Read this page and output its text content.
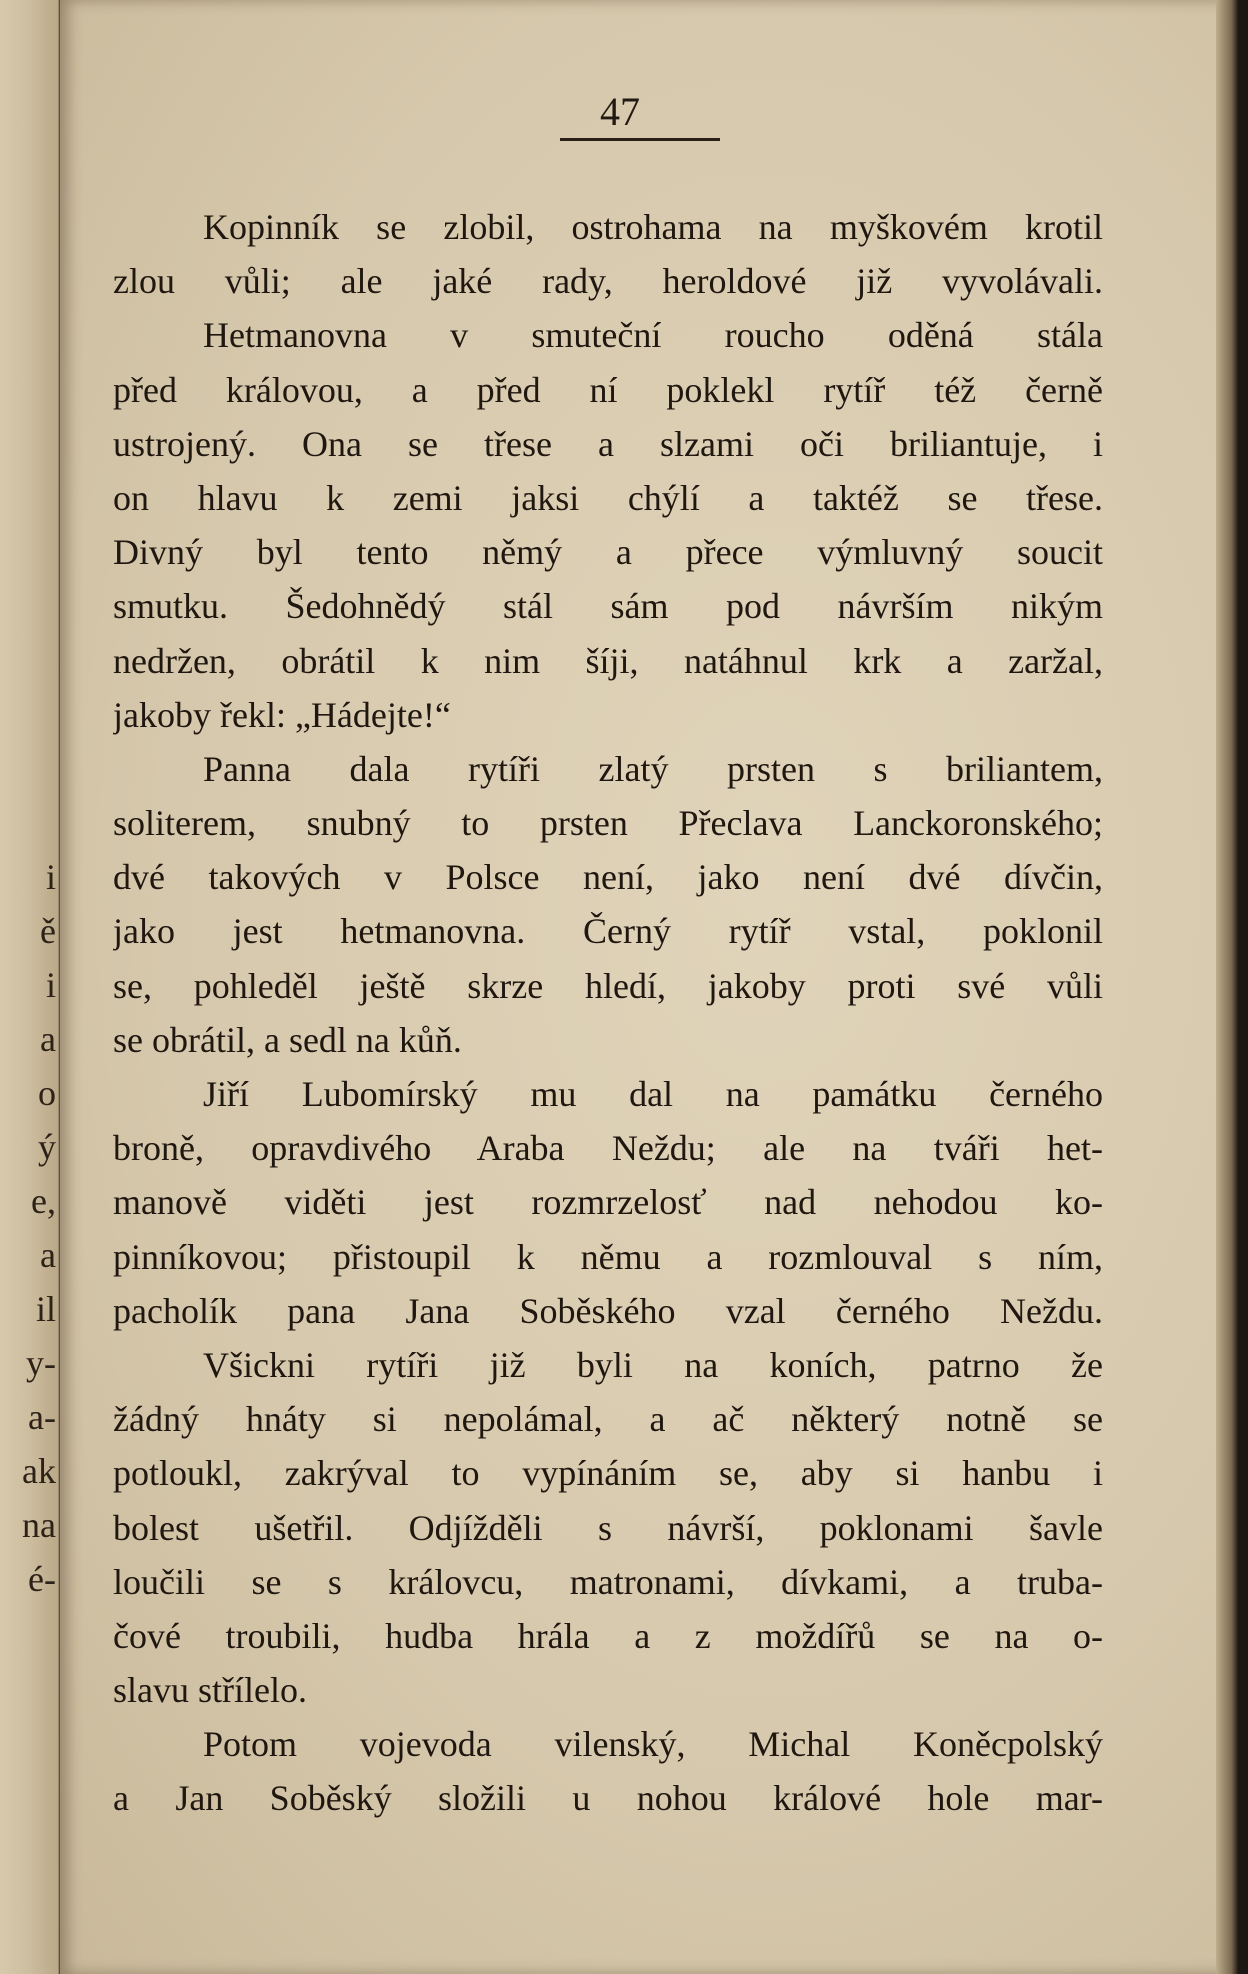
i
ě
i
a
o
ý
e,
a
il
y-
a-
ak
na
é-
47
Kopinník se zlobil, ostrohama na myškovém krotil
zlou vůli; ale jaké rady, heroldové již vyvolávali.
Hetmanovna v smuteční roucho oděná stála
před královou, a před ní poklekl rytíř též černě
ustrojený. Ona se třese a slzami oči briliantuje, i
on hlavu k zemi jaksi chýlí a taktéž se třese.
Divný byl tento němý a přece výmluvný soucit
smutku. Šedohnědý stál sám pod návrším nikým
nedržen, obrátil k nim šíji, natáhnul krk a zaržal,
jakoby řekl: „Hádejte!“
Panna dala rytíři zlatý prsten s briliantem,
soliterem, snubný to prsten Přeclava Lanckoronského;
dvé takových v Polsce není, jako není dvé dívčin,
jako jest hetmanovna. Černý rytíř vstal, poklonil
se, pohleděl ještě skrze hledí, jakoby proti své vůli
se obrátil, a sedl na kůň.
Jiří Lubomírský mu dal na památku černého
broně, opravdivého Araba Neždu; ale na tváři het-
manově viděti jest rozmrzelosť nad nehodou ko-
pinníkovou; přistoupil k němu a rozmlouval s ním,
pacholík pana Jana Soběského vzal černého Neždu.
Všickni rytíři již byli na koních, patrno že
žádný hnáty si nepolámal, a ač některý notně se
potloukl, zakrýval to vypínáním se, aby si hanbu i
bolest ušetřil. Odjížděli s návrší, poklonami šavle
loučili se s královcu, matronami, dívkami, a truba-
čové troubili, hudba hrála a z moždířů se na o-
slavu střílelo.
Potom vojevoda vilenský, Michal Koněcpolský
a Jan Soběský složili u nohou králové hole mar-
